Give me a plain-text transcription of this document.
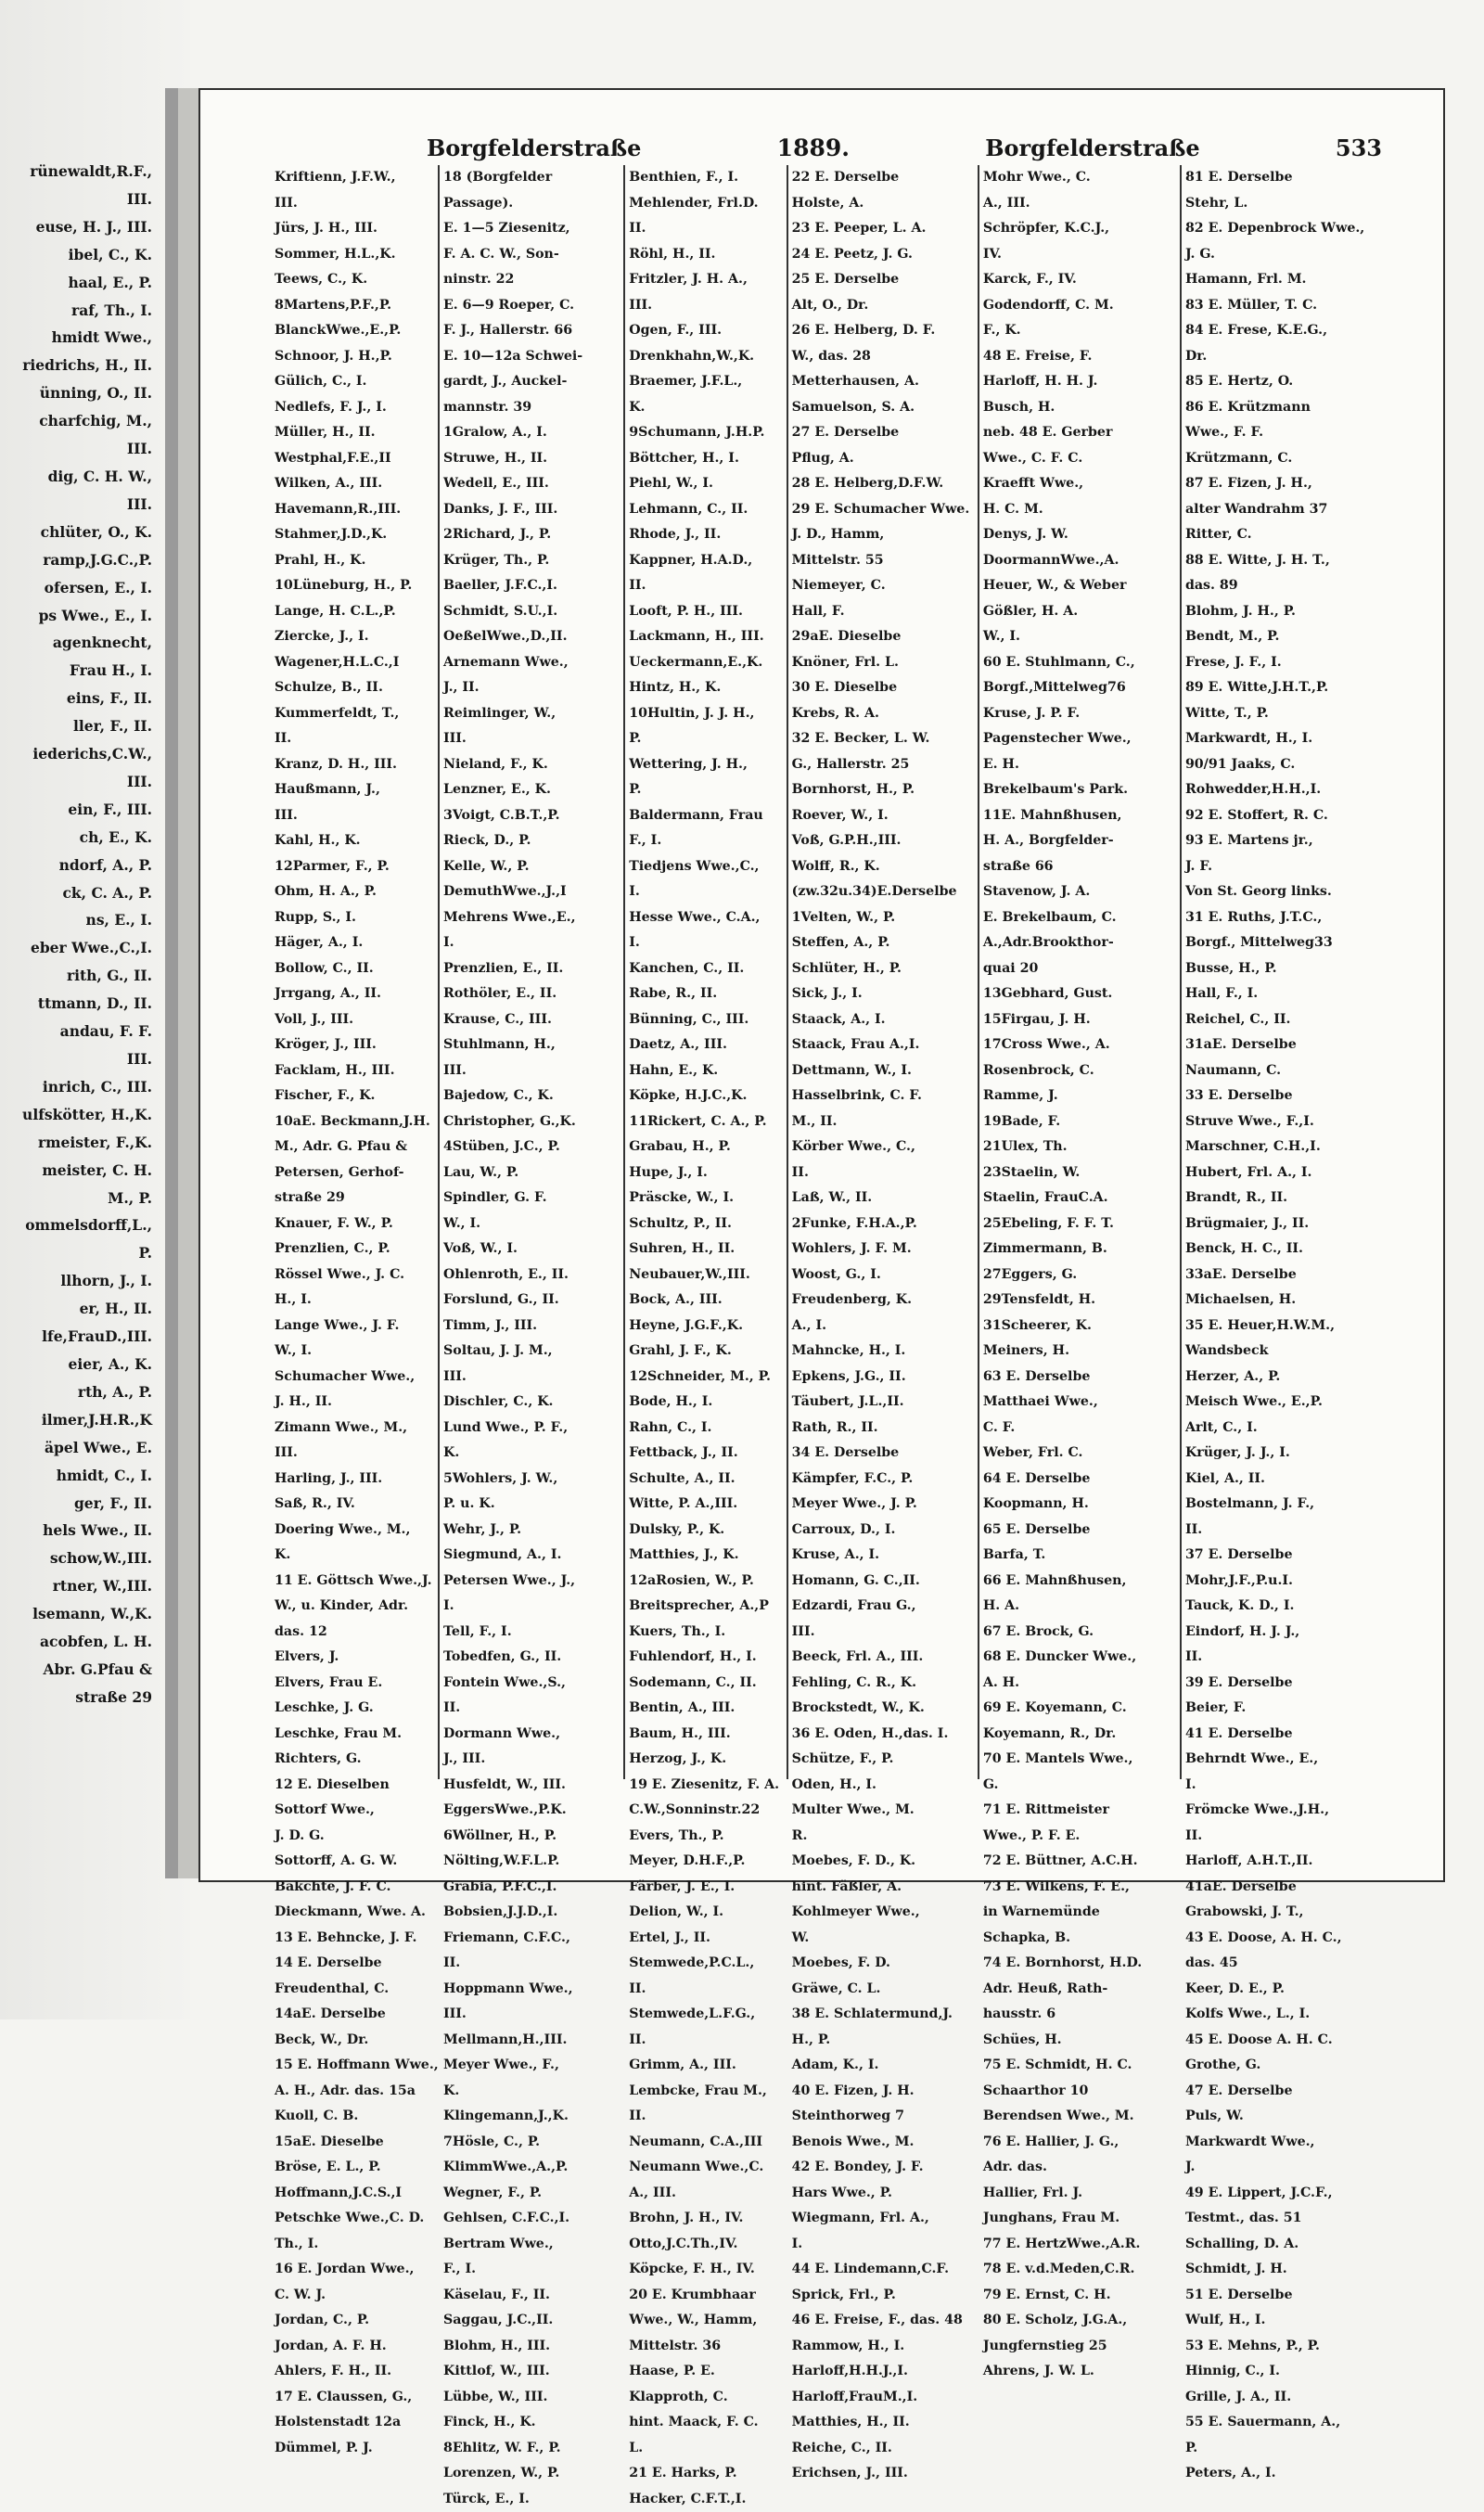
rünewaldt,R.F.,
III.
euse, H. J., III.
ibel, C., K.
haal, E., P.
raf, Th., I.
hmidt Wwe.,
riedrichs, H., II.
ünning, O., II.
charfchig, M.,
III.
dig, C. H. W.,
III.
chlüter, O., K.
ramp,J.G.C.,P.
ofersen, E., I.
ps Wwe., E., I.
agenknecht,
Frau H., I.
eins, F., II.
ller, F., II.
iederichs,C.W.,
III.
ein, F., III.
ch, E., K.
ndorf, A., P.
ck, C. A., P.
ns, E., I.
eber Wwe.,C.,I.
rith, G., II.
ttmann, D., II.
andau, F. F.
III.
inrich, C., III.
ulfskötter, H.,K.
rmeister, F.,K.
meister, C. H.
M., P.
ommelsdorff,L.,
P.
llhorn, J., I.
er, H., II.
lfe,FrauD.,III.
eier, A., K.
rth, A., P.
ilmer,J.H.R.,K
äpel Wwe., E.
hmidt, C., I.
ger, F., II.
hels Wwe., II.
schow,W.,III.
rtner, W.,III.
lsemann, W.,K.
acobfen, L. H.
Abr. G.Pfau &
straße 29
Borgfelderstraße	1889.	Borgfelderstraße	533
Kriftienn, J.F.W.,
III.
Jürs, J. H., III.
Sommer, H.L.,K.
Teews, C., K.
8Martens,P.F.,P.
BlanckWwe.,E.,P.
Schnoor, J. H.,P.
Gülich, C., I.
Nedlefs, F. J., I.
Müller, H., II.
Westphal,F.E.,II
Wilken, A., III.
Havemann,R.,III.
Stahmer,J.D.,K.
Prahl, H., K.
10Lüneburg, H., P.
Lange, H. C.L.,P.
Ziercke, J., I.
Wagener,H.L.C.,I
Schulze, B., II.
Kummerfeldt, T.,
II.
Kranz, D. H., III.
Haußmann, J.,
III.
Kahl, H., K.
12Parmer, F., P.
Ohm, H. A., P.
Rupp, S., I.
Häger, A., I.
Bollow, C., II.
Jrrgang, A., II.
Voll, J., III.
Kröger, J., III.
Facklam, H., III.
Fischer, F., K.
10aE. Beckmann,J.H.
M., Adr. G. Pfau &
Petersen, Gerhof-
straße 29
Knauer, F. W., P.
Prenzlien, C., P.
Rössel Wwe., J. C.
H., I.
Lange Wwe., J. F.
W., I.
Schumacher Wwe.,
J. H., II.
Zimann Wwe., M.,
III.
Harling, J., III.
Saß, R., IV.
Doering Wwe., M.,
K.
11 E. Göttsch Wwe.,J.
W., u. Kinder, Adr.
das. 12
Elvers, J.
Elvers, Frau E.
Leschke, J. G.
Leschke, Frau M.
Richters, G.
12 E. Dieselben
Sottorf Wwe.,
J. D. G.
Sottorff, A. G. W.
Bakchte, J. F. C.
Dieckmann, Wwe. A.
13 E. Behncke, J. F.
14 E. Derselbe
Freudenthal, C.
14aE. Derselbe
Beck, W., Dr.
15 E. Hoffmann Wwe.,
A. H., Adr. das. 15a
Kuoll, C. B.
15aE. Dieselbe
Bröse, E. L., P.
Hoffmann,J.C.S.,I
Petschke Wwe.,C. D.
Th., I.
16 E. Jordan Wwe.,
C. W. J.
Jordan, C., P.
Jordan, A. F. H.
Ahlers, F. H., II.
17 E. Claussen, G.,
Holstenstadt 12a
Dümmel, P. J.
18 (Borgfelder
Passage).
E. 1—5 Ziesenitz,
F. A. C. W., Son-
ninstr. 22
E. 6—9 Roeper, C.
F. J., Hallerstr. 66
E. 10—12a Schwei-
gardt, J., Auckel-
mannstr. 39
1Gralow, A., I.
Struwe, H., II.
Wedell, E., III.
Danks, J. F., III.
2Richard, J., P.
Krüger, Th., P.
Baeller, J.F.C.,I.
Schmidt, S.U.,I.
OeßelWwe.,D.,II.
Arnemann Wwe.,
J., II.
Reimlinger, W.,
III.
Nieland, F., K.
Lenzner, E., K.
3Voigt, C.B.T.,P.
Rieck, D., P.
Kelle, W., P.
DemuthWwe.,J.,I
Mehrens Wwe.,E.,
I.
Prenzlien, E., II.
Rothöler, E., II.
Krause, C., III.
Stuhlmann, H.,
III.
Bajedow, C., K.
Christopher, G.,K.
4Stüben, J.C., P.
Lau, W., P.
Spindler, G. F.
W., I.
Voß, W., I.
Ohlenroth, E., II.
Forslund, G., II.
Timm, J., III.
Soltau, J. J. M.,
III.
Dischler, C., K.
Lund Wwe., P. F.,
K.
5Wohlers, J. W.,
P. u. K.
Wehr, J., P.
Siegmund, A., I.
Petersen Wwe., J.,
I.
Tell, F., I.
Tobedfen, G., II.
Fontein Wwe.,S.,
II.
Dormann Wwe.,
J., III.
Husfeldt, W., III.
EggersWwe.,P.K.
6Wöllner, H., P.
Nölting,W.F.L.P.
Grabia, P.F.C.,I.
Bobsien,J.J.D.,I.
Friemann, C.F.C.,
II.
Hoppmann Wwe.,
III.
Mellmann,H.,III.
Meyer Wwe., F.,
K.
Klingemann,J.,K.
7Hösle, C., P.
KlimmWwe.,A.,P.
Wegner, F., P.
Gehlsen, C.F.C.,I.
Bertram Wwe.,
F., I.
Käselau, F., II.
Saggau, J.C.,II.
Blohm, H., III.
Kittlof, W., III.
Lübbe, W., III.
Finck, H., K.
8Ehlitz, W. F., P.
Lorenzen, W., P.
Türck, E., I.
Benthien, F., I.
Mehlender, Frl.D.
II.
Röhl, H., II.
Fritzler, J. H. A.,
III.
Ogen, F., III.
Drenkhahn,W.,K.
Braemer, J.F.L.,
K.
9Schumann, J.H.P.
Böttcher, H., I.
Piehl, W., I.
Lehmann, C., II.
Rhode, J., II.
Kappner, H.A.D.,
II.
Looft, P. H., III.
Lackmann, H., III.
Ueckermann,E.,K.
Hintz, H., K.
10Hultin, J. J. H.,
P.
Wettering, J. H.,
P.
Baldermann, Frau
F., I.
Tiedjens Wwe.,C.,
I.
Hesse Wwe., C.A.,
I.
Kanchen, C., II.
Rabe, R., II.
Bünning, C., III.
Daetz, A., III.
Hahn, E., K.
Köpke, H.J.C.,K.
11Rickert, C. A., P.
Grabau, H., P.
Hupe, J., I.
Präscke, W., I.
Schultz, P., II.
Suhren, H., II.
Neubauer,W.,III.
Bock, A., III.
Heyne, J.G.F.,K.
Grahl, J. F., K.
12Schneider, M., P.
Bode, H., I.
Rahn, C., I.
Fettback, J., II.
Schulte, A., II.
Witte, P. A.,III.
Dulsky, P., K.
Matthies, J., K.
12aRosien, W., P.
Breitsprecher, A.,P
Kuers, Th., I.
Fuhlendorf, H., I.
Sodemann, C., II.
Bentin, A., III.
Baum, H., III.
Herzog, J., K.
19 E. Ziesenitz, F. A.
C.W.,Sonninstr.22
Evers, Th., P.
Meyer, D.H.F.,P.
Färber, J. E., I.
Delion, W., I.
Ertel, J., II.
Stemwede,P.C.L.,
II.
Stemwede,L.F.G.,
II.
Grimm, A., III.
Lembcke, Frau M.,
II.
Neumann, C.A.,III
Neumann Wwe.,C.
A., III.
Brohn, J. H., IV.
Otto,J.C.Th.,IV.
Köpcke, F. H., IV.
20 E. Krumbhaar
Wwe., W., Hamm,
Mittelstr. 36
Haase, P. E.
Klapproth, C.
hint. Maack, F. C.
L.
21 E. Harks, P.
Hacker, C.F.T.,I.
22 E. Derselbe
Holste, A.
23 E. Peeper, L. A.
24 E. Peetz, J. G.
25 E. Derselbe
Alt, O., Dr.
26 E. Helberg, D. F.
W., das. 28
Metterhausen, A.
Samuelson, S. A.
27 E. Derselbe
Pflug, A.
28 E. Helberg,D.F.W.
29 E. Schumacher Wwe.
J. D., Hamm,
Mittelstr. 55
Niemeyer, C.
Hall, F.
29aE. Dieselbe
Knöner, Frl. L.
30 E. Dieselbe
Krebs, R. A.
32 E. Becker, L. W.
G., Hallerstr. 25
Bornhorst, H., P.
Roever, W., I.
Voß, G.P.H.,III.
Wolff, R., K.
(zw.32u.34)E.Derselbe
1Velten, W., P.
Steffen, A., P.
Schlüter, H., P.
Sick, J., I.
Staack, A., I.
Staack, Frau A.,I.
Dettmann, W., I.
Hasselbrink, C. F.
M., II.
Körber Wwe., C.,
II.
Laß, W., II.
2Funke, F.H.A.,P.
Wohlers, J. F. M.
Woost, G., I.
Freudenberg, K.
A., I.
Mahncke, H., I.
Epkens, J.G., II.
Täubert, J.L.,II.
Rath, R., II.
34 E. Derselbe
Kämpfer, F.C., P.
Meyer Wwe., J. P.
Carroux, D., I.
Kruse, A., I.
Homann, G. C.,II.
Edzardi, Frau G.,
III.
Beeck, Frl. A., III.
Fehling, C. R., K.
Brockstedt, W., K.
36 E. Oden, H.,das. I.
Schütze, F., P.
Oden, H., I.
Multer Wwe., M.
R.
Moebes, F. D., K.
hint. Fäßler, A.
Kohlmeyer Wwe.,
W.
Moebes, F. D.
Gräwe, C. L.
38 E. Schlatermund,J.
H., P.
Adam, K., I.
40 E. Fizen, J. H.
Steinthorweg 7
Benois Wwe., M.
42 E. Bondey, J. F.
Hars Wwe., P.
Wiegmann, Frl. A.,
I.
44 E. Lindemann,C.F.
Sprick, Frl., P.
46 E. Freise, F., das. 48
Rammow, H., I.
Harloff,H.H.J.,I.
Harloff,FrauM.,I.
Matthies, H., II.
Reiche, C., II.
Erichsen, J., III.
Mohr Wwe., C.
A., III.
Schröpfer, K.C.J.,
IV.
Karck, F., IV.
Godendorff, C. M.
F., K.
48 E. Freise, F.
Harloff, H. H. J.
Busch, H.
neb. 48 E. Gerber
Wwe., C. F. C.
Kraefft Wwe.,
H. C. M.
Denys, J. W.
DoormannWwe.,A.
Heuer, W., & Weber
Gößler, H. A.
W., I.
60 E. Stuhlmann, C.,
Borgf.,Mittelweg76
Kruse, J. P. F.
Pagenstecher Wwe.,
E. H.
Brekelbaum's Park.
11E. Mahnßhusen,
H. A., Borgfelder-
straße 66
Stavenow, J. A.
E. Brekelbaum, C.
A.,Adr.Brookthor-
quai 20
13Gebhard, Gust.
15Firgau, J. H.
17Cross Wwe., A.
Rosenbrock, C.
Ramme, J.
19Bade, F.
21Ulex, Th.
23Staelin, W.
Staelin, FrauC.A.
25Ebeling, F. F. T.
Zimmermann, B.
27Eggers, G.
29Tensfeldt, H.
31Scheerer, K.
Meiners, H.
63 E. Derselbe
Matthaei Wwe.,
C. F.
Weber, Frl. C.
64 E. Derselbe
Koopmann, H.
65 E. Derselbe
Barfa, T.
66 E. Mahnßhusen,
H. A.
67 E. Brock, G.
68 E. Duncker Wwe.,
A. H.
69 E. Koyemann, C.
Koyemann, R., Dr.
70 E. Mantels Wwe.,
G.
71 E. Rittmeister
Wwe., P. F. E.
72 E. Büttner, A.C.H.
73 E. Wilkens, F. E.,
in Warnemünde
Schapka, B.
74 E. Bornhorst, H.D.
Adr. Heuß, Rath-
hausstr. 6
Schües, H.
75 E. Schmidt, H. C.
Schaarthor 10
Berendsen Wwe., M.
76 E. Hallier, J. G.,
Adr. das.
Hallier, Frl. J.
Junghans, Frau M.
77 E. HertzWwe.,A.R.
78 E. v.d.Meden,C.R.
79 E. Ernst, C. H.
80 E. Scholz, J.G.A.,
Jungfernstieg 25
Ahrens, J. W. L.
81 E. Derselbe
Stehr, L.
82 E. Depenbrock Wwe.,
J. G.
Hamann, Frl. M.
83 E. Müller, T. C.
84 E. Frese, K.E.G.,
Dr.
85 E. Hertz, O.
86 E. Krützmann
Wwe., F. F.
Krützmann, C.
87 E. Fizen, J. H.,
alter Wandrahm 37
Ritter, C.
88 E. Witte, J. H. T.,
das. 89
Blohm, J. H., P.
Bendt, M., P.
Frese, J. F., I.
89 E. Witte,J.H.T.,P.
Witte, T., P.
Markwardt, H., I.
90/91 Jaaks, C.
Rohwedder,H.H.,I.
92 E. Stoffert, R. C.
93 E. Martens jr.,
J. F.
Von St. Georg links.
31 E. Ruths, J.T.C.,
Borgf., Mittelweg33
Busse, H., P.
Hall, F., I.
Reichel, C., II.
31aE. Derselbe
Naumann, C.
33 E. Derselbe
Struve Wwe., F.,I.
Marschner, C.H.,I.
Hubert, Frl. A., I.
Brandt, R., II.
Brügmaier, J., II.
Benck, H. C., II.
33aE. Derselbe
Michaelsen, H.
35 E. Heuer,H.W.M.,
Wandsbeck
Herzer, A., P.
Meisch Wwe., E.,P.
Arlt, C., I.
Krüger, J. J., I.
Kiel, A., II.
Bostelmann, J. F.,
II.
37 E. Derselbe
Mohr,J.F.,P.u.I.
Tauck, K. D., I.
Eindorf, H. J. J.,
II.
39 E. Derselbe
Beier, F.
41 E. Derselbe
Behrndt Wwe., E.,
I.
Frömcke Wwe.,J.H.,
II.
Harloff, A.H.T.,II.
41aE. Derselbe
Grabowski, J. T.,
43 E. Doose, A. H. C.,
das. 45
Keer, D. E., P.
Kolfs Wwe., L., I.
45 E. Doose A. H. C.
Grothe, G.
47 E. Derselbe
Puls, W.
Markwardt Wwe.,
J.
49 E. Lippert, J.C.F.,
Testmt., das. 51
Schalling, D. A.
Schmidt, J. H.
51 E. Derselbe
Wulf, H., I.
53 E. Mehns, P., P.
Hinnig, C., I.
Grille, J. A., II.
55 E. Sauermann, A.,
P.
Peters, A., I.
